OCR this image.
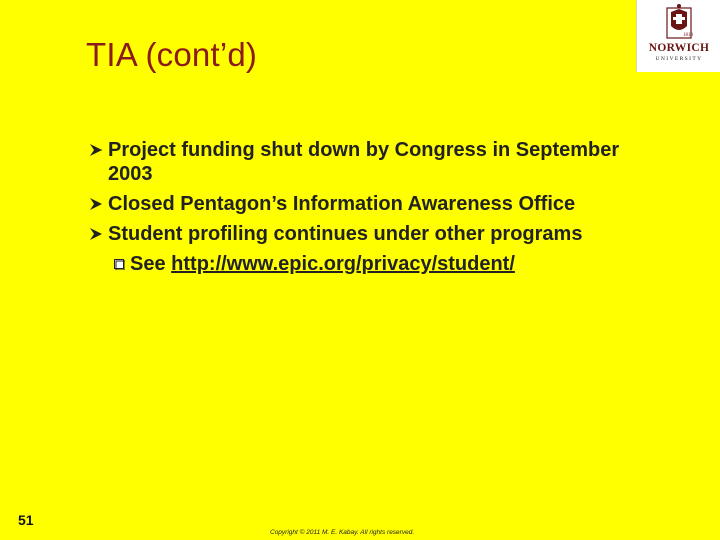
TIA (cont’d)
1819
NORWICH
UNIVERSITY
Project funding shut down by Congress in September 2003
Closed Pentagon’s Information Awareness Office
Student profiling continues under other programs
See http://www.epic.org/privacy/student/
51
Copyright © 2011 M. E. Kabay. All rights reserved.
